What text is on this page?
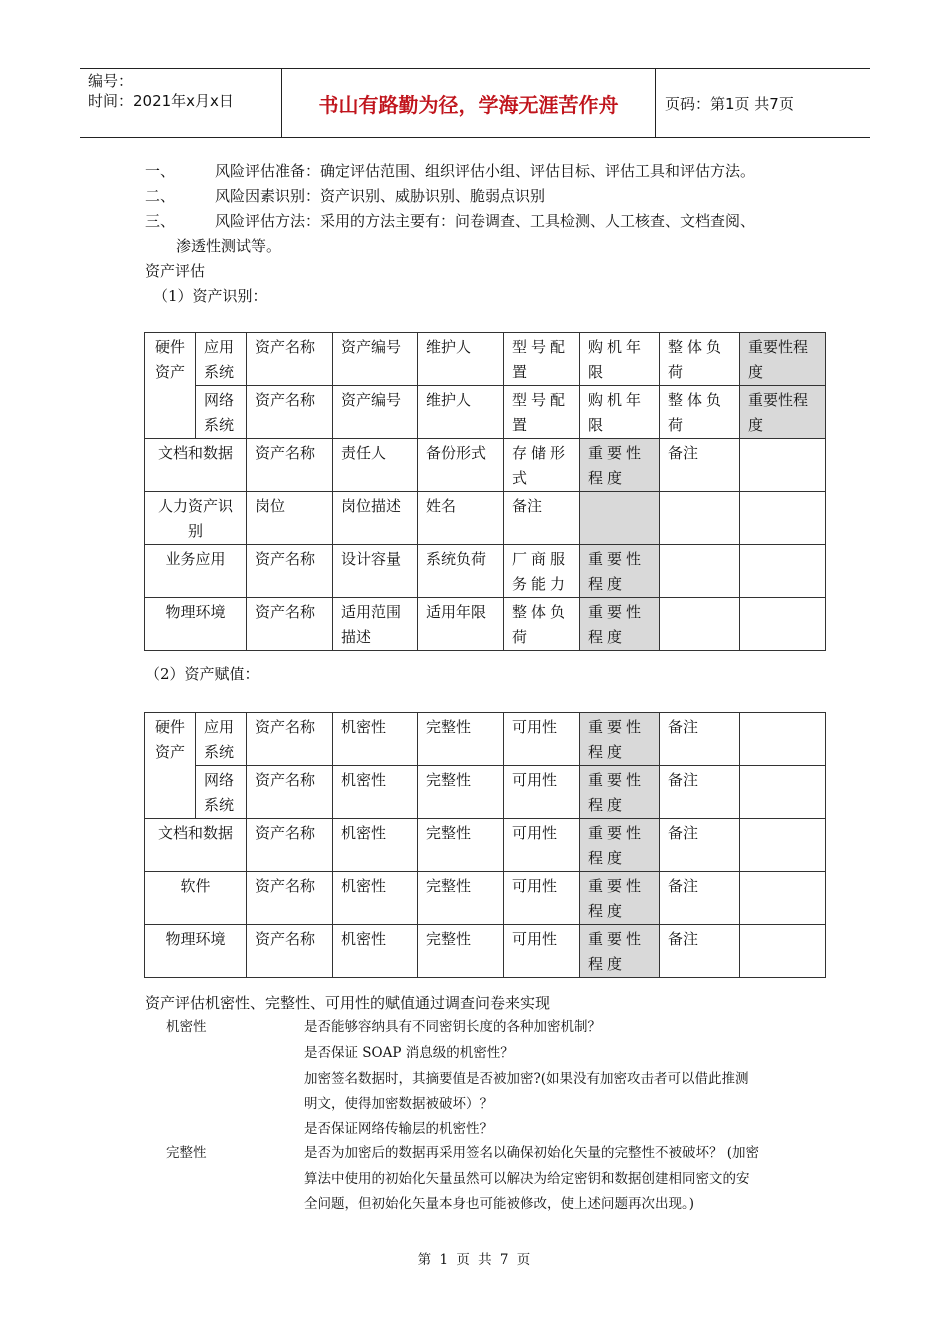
编号：
时间：2021年x月x日	书山有路勤为径，学海无涯苦作舟	页码：第1页 共7页
一、	风险评估准备：确定评估范围、组织评估小组、评估目标、评估工具和评估方法。
二、	风险因素识别：资产识别、威胁识别、脆弱点识别
三、	风险评估方法：采用的方法主要有：问卷调查、工具检测、人工核查、文档查阅、
渗透性测试等。
资产评估
（1）资产识别：
硬件资产	应用系统	资产名称	资产编号	维护人	型号配置	购机年限	整体负荷	重要性程度
	网络系统	资产名称	资产编号	维护人	型号配置	购机年限	整体负荷	重要性程度
文档和数据		资产名称	责任人	备份形式	存储形式	重要性程度	备注	
人力资产识别		岗位	岗位描述	姓名	备注			
业务应用		资产名称	设计容量	系统负荷	厂商服务能力	重要性程度		
物理环境		资产名称	适用范围描述	适用年限	整体负荷	重要性程度		
（2）资产赋值：
硬件资产	应用系统	资产名称	机密性	完整性	可用性	重要性程度	备注	
	网络系统	资产名称	机密性	完整性	可用性	重要性程度	备注	
文档和数据		资产名称	机密性	完整性	可用性	重要性程度	备注	
软件		资产名称	机密性	完整性	可用性	重要性程度	备注	
物理环境		资产名称	机密性	完整性	可用性	重要性程度	备注	
资产评估机密性、完整性、可用性的赋值通过调查问卷来实现
机密性	是否能够容纳具有不同密钥长度的各种加密机制？
是否保证 SOAP 消息级的机密性？
加密签名数据时，其摘要值是否被加密?(如果没有加密攻击者可以借此推测
明文，使得加密数据被破坏）？
是否保证网络传输层的机密性？
完整性	是否为加密后的数据再采用签名以确保初始化矢量的完整性不被破坏？ (加密
算法中使用的初始化矢量虽然可以解决为给定密钥和数据创建相同密文的安
全问题，但初始化矢量本身也可能被修改，使上述问题再次出现。)
第 1 页 共 7 页
